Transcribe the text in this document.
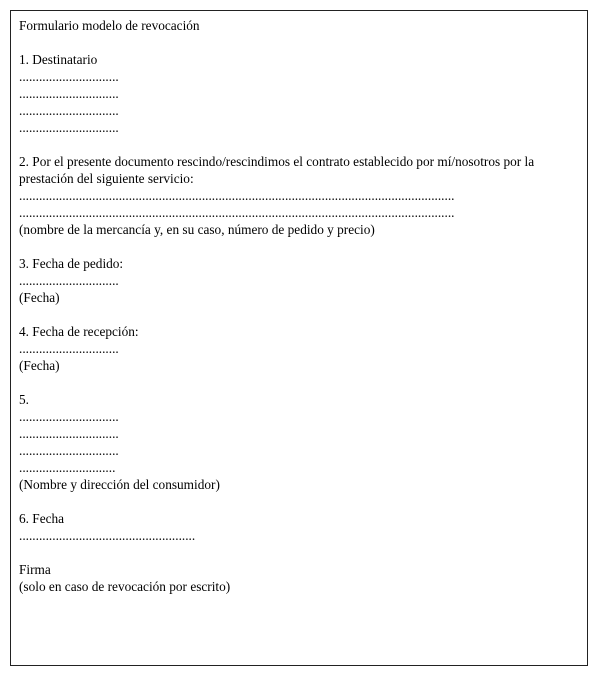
Formulario modelo de revocación
1. Destinatario
..............................
..............................
..............................
..............................
2. Por el presente documento rescindo/rescindimos el contrato establecido por mí/nosotros por la prestación del siguiente servicio:
...................................................................................................................................
...................................................................................................................................
(nombre de la mercancía y, en su caso, número de pedido y precio)
3. Fecha de pedido:
..............................
(Fecha)
4. Fecha de recepción:
..............................
(Fecha)
5.
..............................
..............................
..............................
.............................
(Nombre y dirección del consumidor)
6. Fecha
.....................................................
Firma
(solo en caso de revocación por escrito)
